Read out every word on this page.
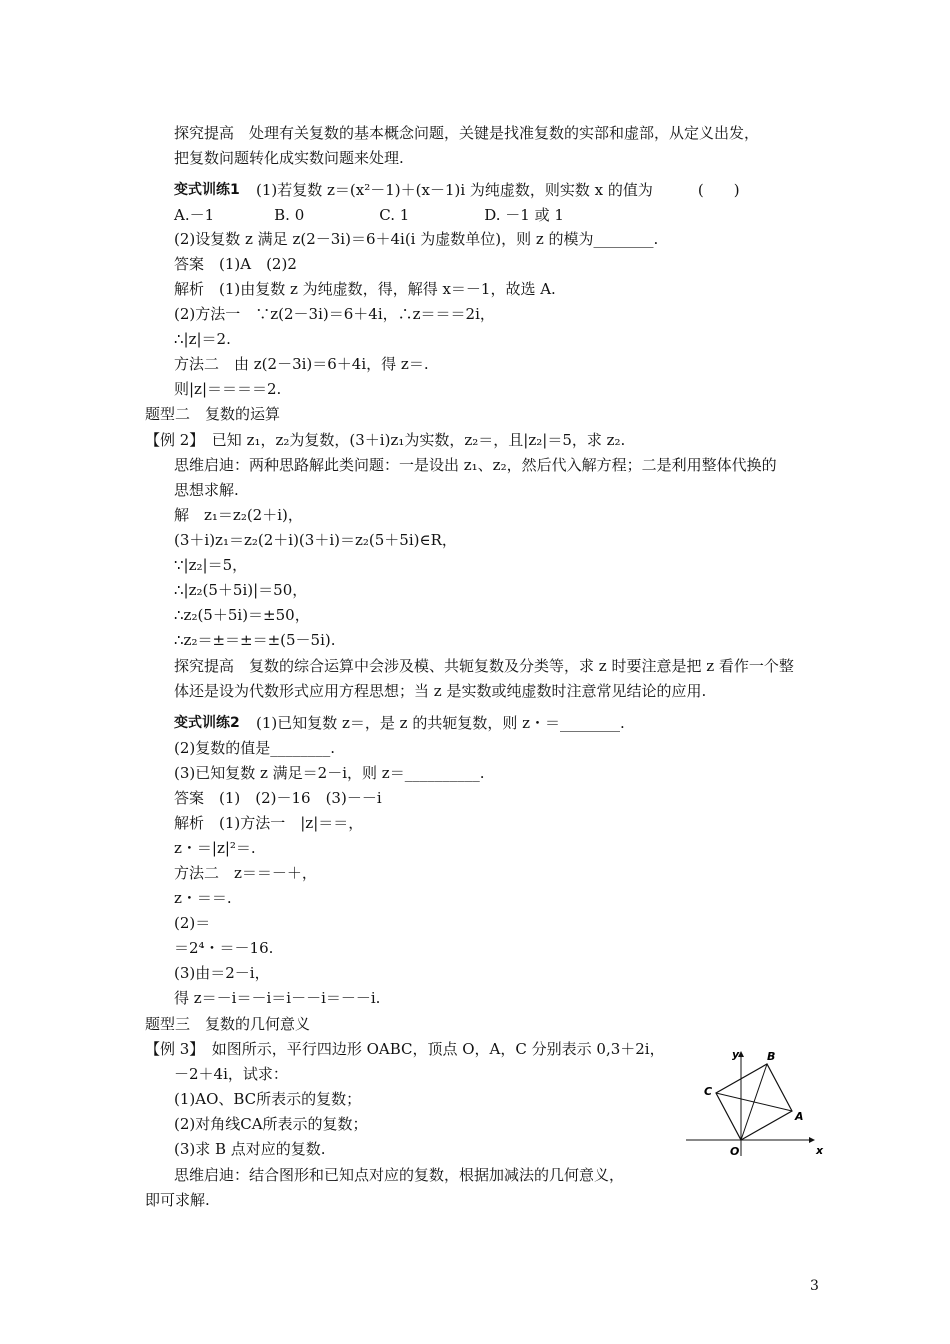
探究提高　处理有关复数的基本概念问题，关键是找准复数的实部和虚部，从定义出发，
把复数问题转化成实数问题来处理.
变式训练1 (1)若复数 z＝(x²－1)＋(x－1)i 为纯虚数，则实数 x 的值为　　　(　　)
A.－1　　　　B. 0　　　　　C. 1　　　　　D. －1 或 1
(2)设复数 z 满足 z(2－3i)＝6＋4i(i 为虚数单位)，则 z 的模为________.
答案　(1)A　(2)2
解析　(1)由复数 z 为纯虚数，得，解得 x＝－1，故选 A.
(2)方法一　∵z(2－3i)＝6＋4i，∴z＝＝＝2i，
∴|z|＝2.
方法二　由 z(2－3i)＝6＋4i，得 z＝.
则|z|＝＝＝＝2.
题型二　复数的运算
【例 2】　已知 z₁，z₂为复数，(3＋i)z₁为实数，z₂＝，且|z₂|＝5，求 z₂.
思维启迪：两种思路解此类问题：一是设出 z₁、z₂，然后代入解方程；二是利用整体代换的
思想求解.
解　z₁＝z₂(2＋i)，
(3＋i)z₁＝z₂(2＋i)(3＋i)＝z₂(5＋5i)∈R，
∵|z₂|＝5，
∴|z₂(5＋5i)|＝50，
∴z₂(5＋5i)＝±50，
∴z₂＝±＝±＝±(5－5i).
探究提高　复数的综合运算中会涉及模、共轭复数及分类等，求 z 时要注意是把 z 看作一个整
体还是设为代数形式应用方程思想；当 z 是实数或纯虚数时注意常见结论的应用.
变式训练2 (1)已知复数 z＝，是 z 的共轭复数，则 z・＝________.
(2)复数的值是________.
(3)已知复数 z 满足＝2－i，则 z＝__________.
答案　(1)　(2)－16　(3)－－i
解析　(1)方法一　|z|＝＝，
z・＝|z|²＝.
方法二　z＝＝－＋，
z・＝＝.
(2)＝
＝2⁴・＝－16.
(3)由＝2－i，
得 z＝－i＝－i＝i－－i＝－－i.
题型三　复数的几何意义
【例 3】　如图所示，平行四边形 OABC，顶点 O，A，C 分别表示 0,3＋2i，
－2＋4i，试求：
(1)AO、BC所表示的复数；
(2)对角线CA所表示的复数；
(3)求 B 点对应的复数.
思维启迪：结合图形和已知点对应的复数，根据加减法的几何意义，
即可求解.
y
x
O
A
B
C
3
